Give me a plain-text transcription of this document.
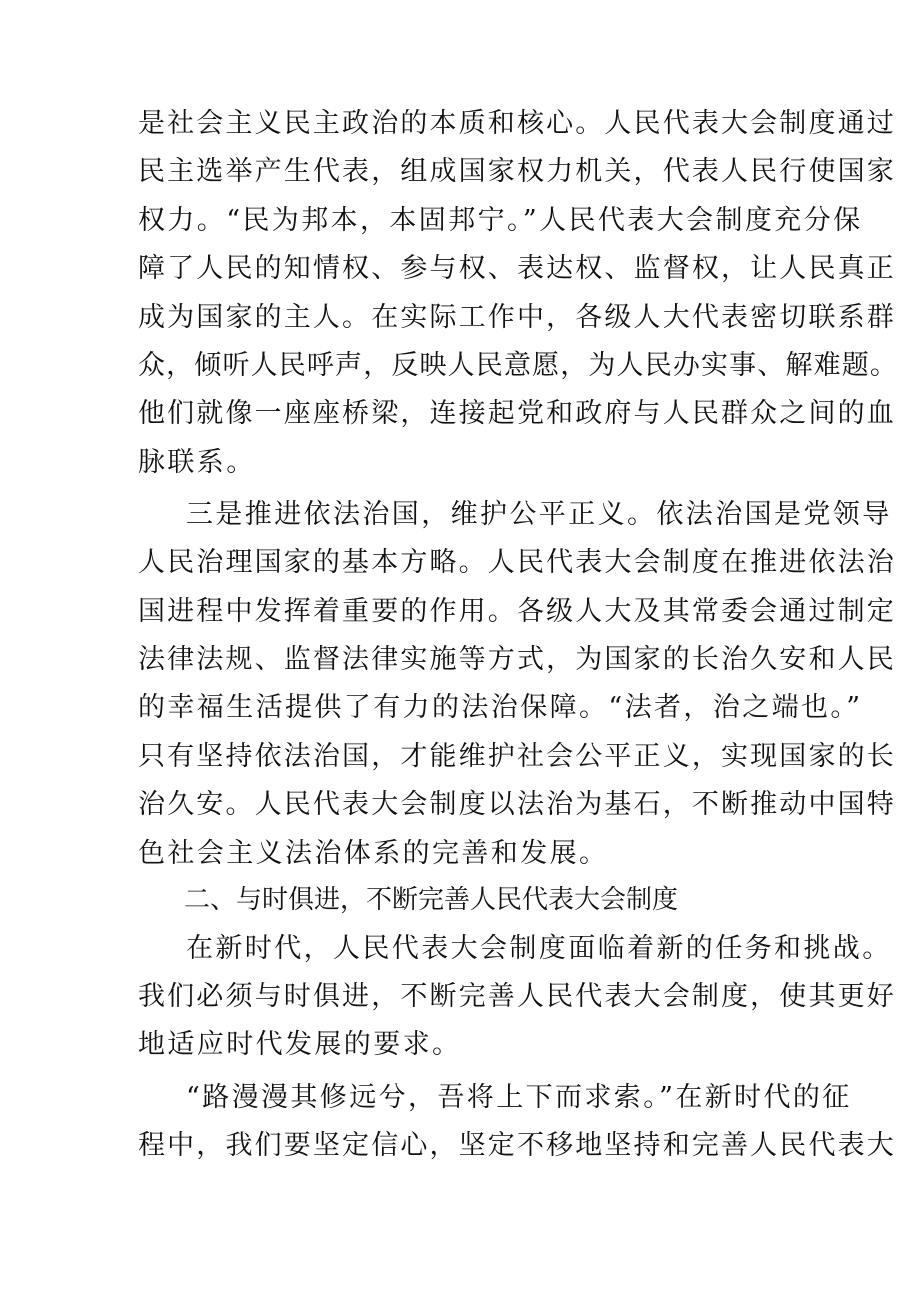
是社会主义民主政治的本质和核心。人民代表大会制度通过
民主选举产生代表，组成国家权力机关，代表人民行使国家
权力。“民为邦本，本固邦宁。”人民代表大会制度充分保
障了人民的知情权、参与权、表达权、监督权，让人民真正
成为国家的主人。在实际工作中，各级人大代表密切联系群
众，倾听人民呼声，反映人民意愿，为人民办实事、解难题。
他们就像一座座桥梁，连接起党和政府与人民群众之间的血
脉联系。
三是推进依法治国，维护公平正义。依法治国是党领导
人民治理国家的基本方略。人民代表大会制度在推进依法治
国进程中发挥着重要的作用。各级人大及其常委会通过制定
法律法规、监督法律实施等方式，为国家的长治久安和人民
的幸福生活提供了有力的法治保障。“法者，治之端也。”
只有坚持依法治国，才能维护社会公平正义，实现国家的长
治久安。人民代表大会制度以法治为基石，不断推动中国特
色社会主义法治体系的完善和发展。
二、与时俱进，不断完善人民代表大会制度
在新时代，人民代表大会制度面临着新的任务和挑战。
我们必须与时俱进，不断完善人民代表大会制度，使其更好
地适应时代发展的要求。
“路漫漫其修远兮，吾将上下而求索。”在新时代的征
程中，我们要坚定信心，坚定不移地坚持和完善人民代表大
